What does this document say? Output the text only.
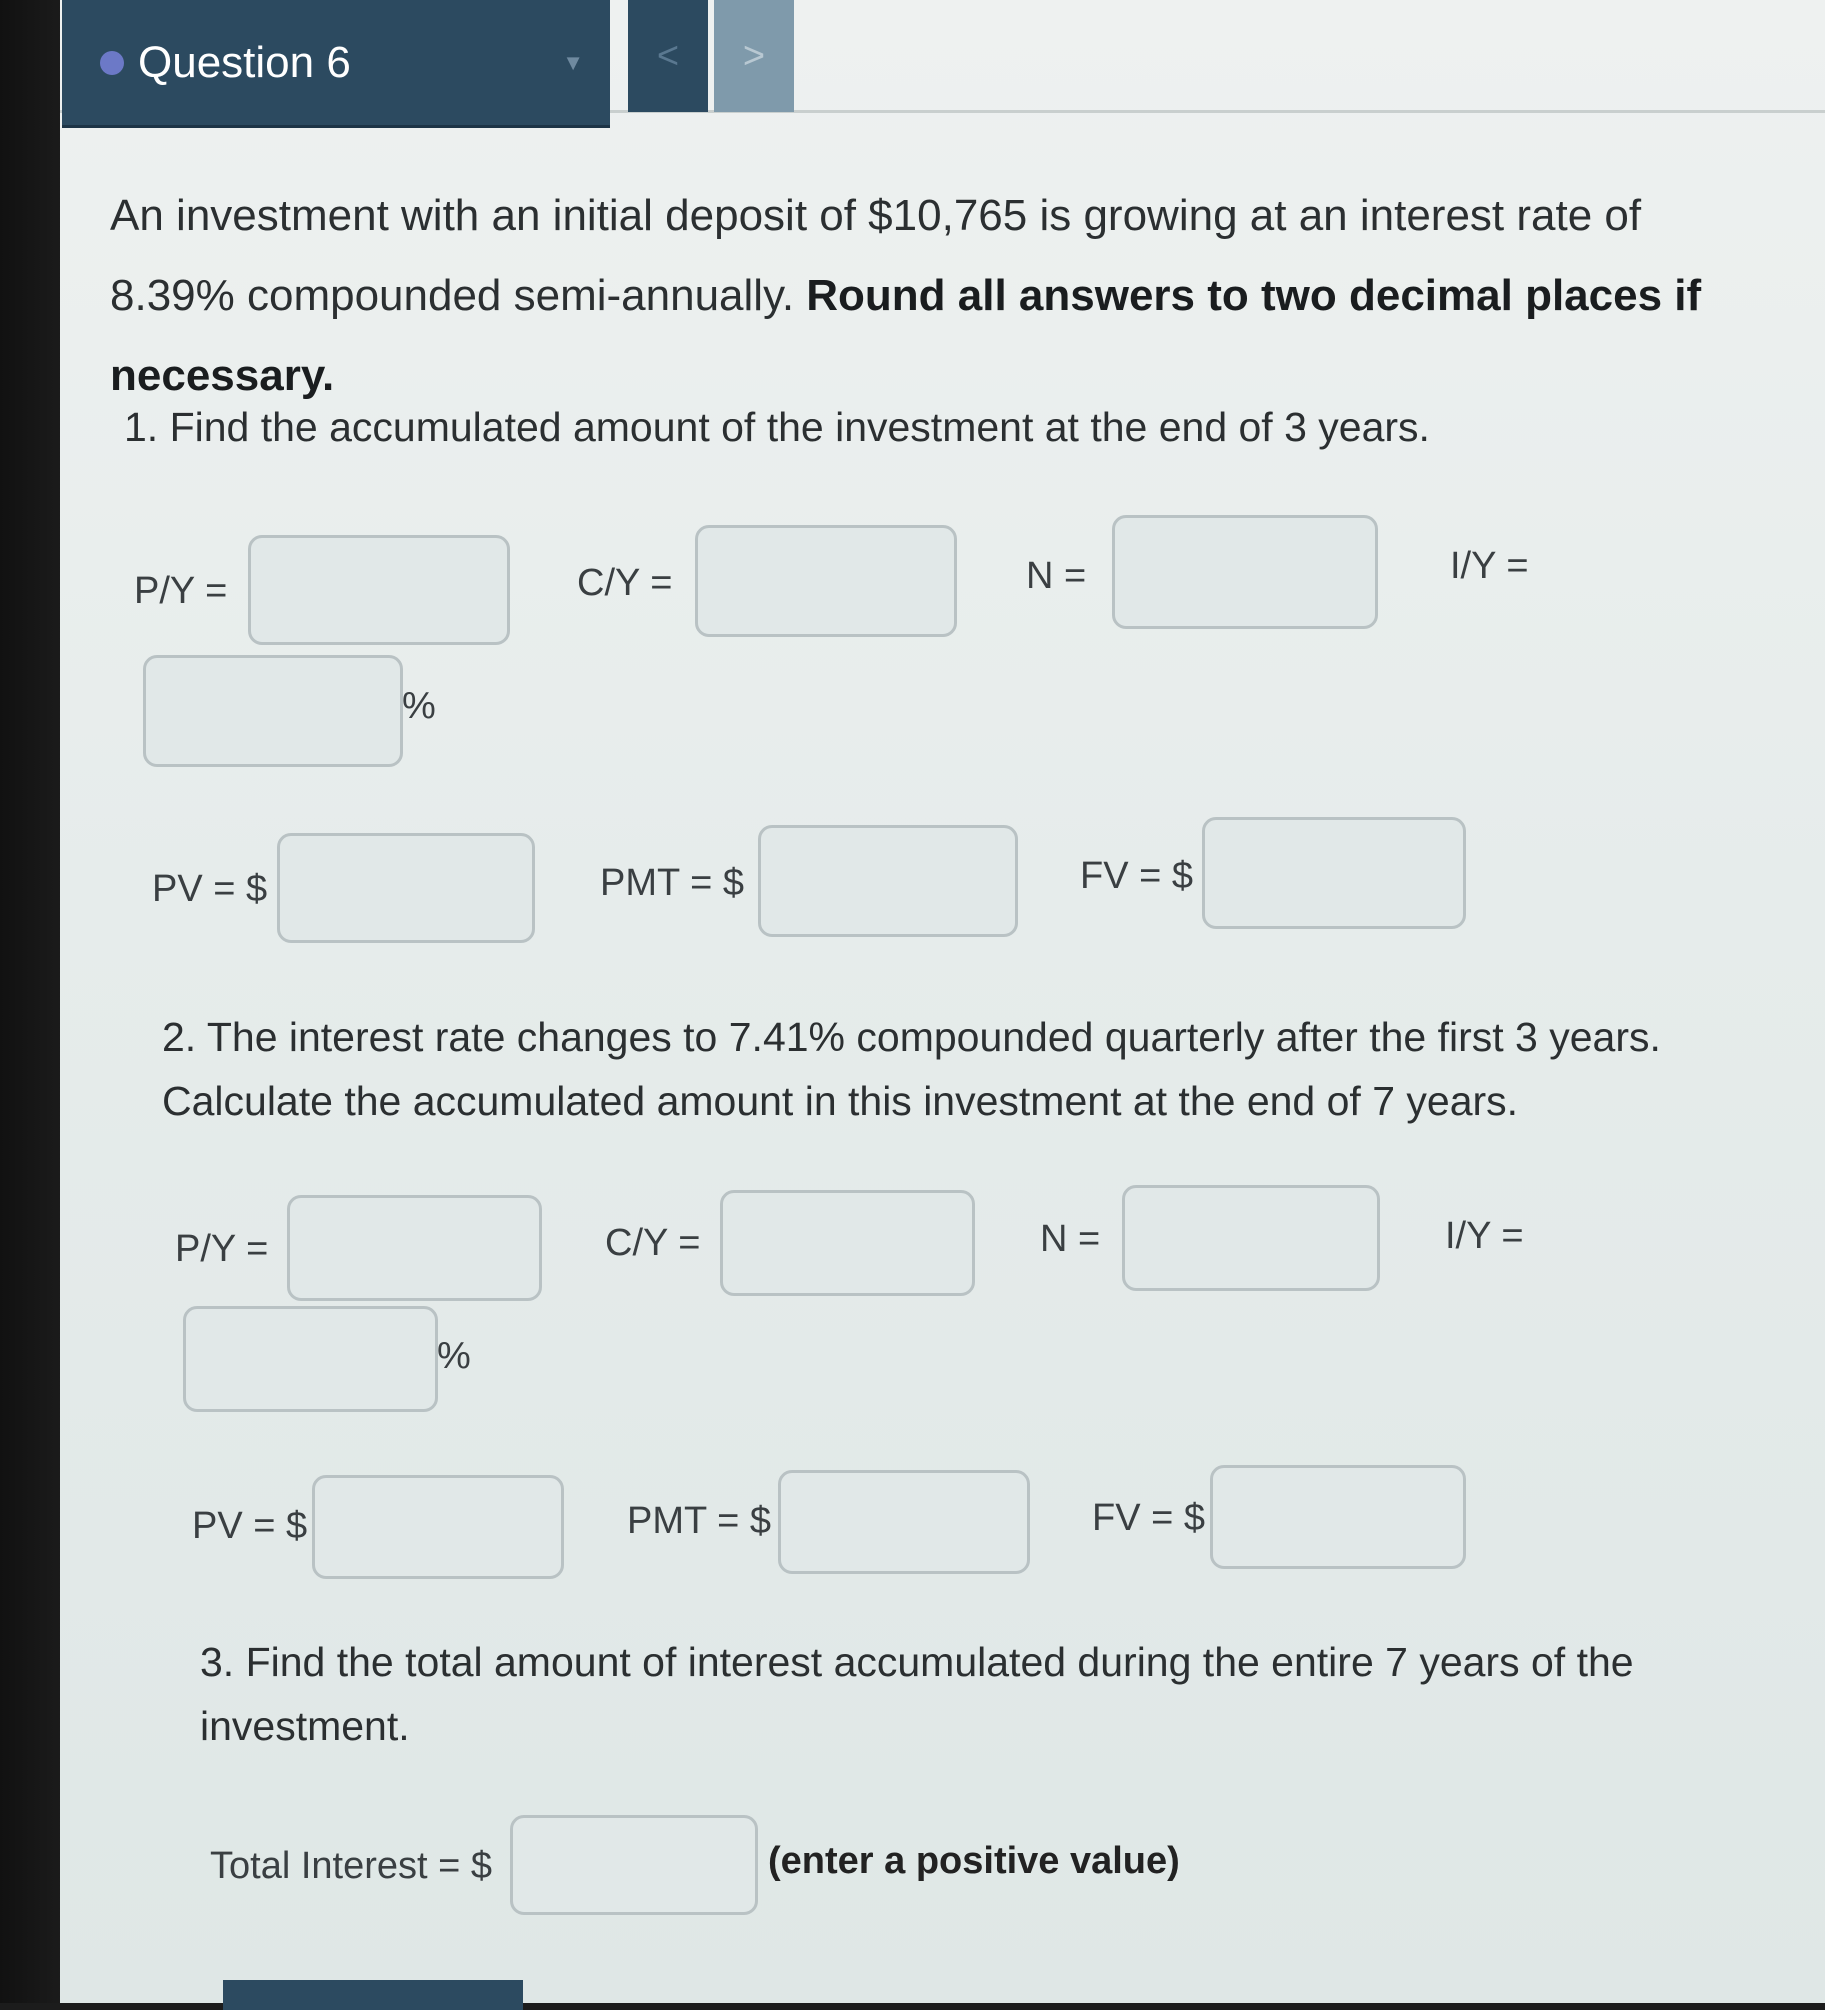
Question 6	▼ < >
An investment with an initial deposit of $10,765 is growing at an interest rate of 8.39% compounded semi-annually. Round all answers to two decimal places if necessary.
1. Find the accumulated amount of the investment at the end of 3 years.
P/Y =	C/Y =	N =	I/Y =
%
PV = $	PMT = $	FV = $
2. The interest rate changes to 7.41% compounded quarterly after the first 3 years. Calculate the accumulated amount in this investment at the end of 7 years.
P/Y =	C/Y =	N =	I/Y =
%
PV = $	PMT = $	FV = $
3. Find the total amount of interest accumulated during the entire 7 years of the investment.
Total Interest = $	(enter a positive value)
